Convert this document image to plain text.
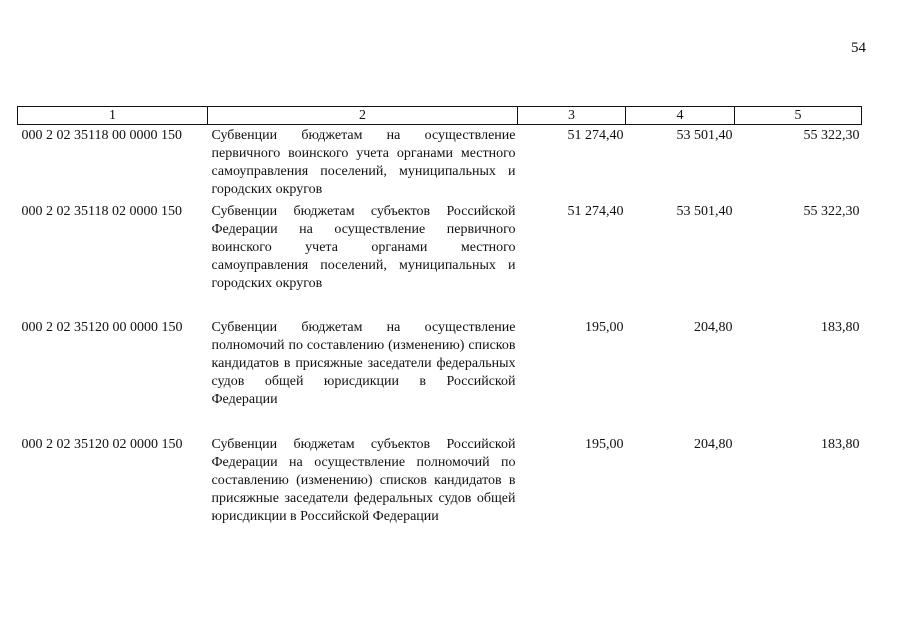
54
1	2	3	4	5
000 2 02 35118 00 0000 150	Субвенции бюджетам на осуществление первичного воинского учета органами местного самоуправления поселений, муниципальных и городских округов	51 274,40	53 501,40	55 322,30
000 2 02 35118 02 0000 150	Субвенции бюджетам субъектов Российской Федерации на осуществление первичного воинского учета органами местного самоуправления поселений, муниципальных и городских округов	51 274,40	53 501,40	55 322,30
000 2 02 35120 00 0000 150	Субвенции бюджетам на осуществление полномочий по составлению (изменению) списков кандидатов в присяжные заседатели федеральных судов общей юрисдикции в Российской Федерации	195,00	204,80	183,80
000 2 02 35120 02 0000 150	Субвенции бюджетам субъектов Российской Федерации на осуществление полномочий по составлению (изменению) списков кандидатов в присяжные заседатели федеральных судов общей юрисдикции в Российской Федерации	195,00	204,80	183,80
